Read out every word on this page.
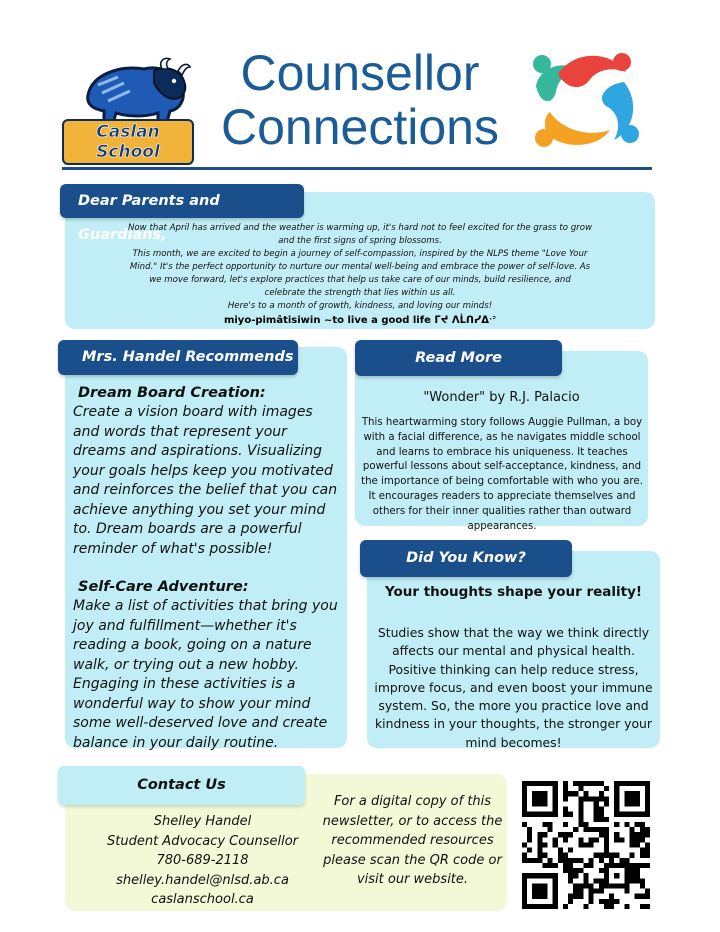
Caslan School
Counsellor
Connections
Dear Parents and Guardians,

Now that April has arrived and the weather is warming up, it's hard not to feel excited for the grass to grow and the first signs of spring blossoms.

This month, we are excited to begin a journey of self-compassion, inspired by the NLPS theme "Love Your Mind." It's the perfect opportunity to nurture our mental well-being and embrace the power of self-love. As we move forward, let's explore practices that help us take care of our minds, build resilience, and celebrate the strength that lies within us all.

Here's to a month of growth, kindness, and loving our minds!

miyo-pimâtisiwin ~to live a good life ᒥᔪ ᐱᒫᑎᓯᐃᐧᐣ
Mrs. Handel Recommends
Dream Board Creation:
Create a vision board with images and words that represent your dreams and aspirations. Visualizing your goals helps keep you motivated and reinforces the belief that you can achieve anything you set your mind to. Dream boards are a powerful reminder of what's possible!
Self-Care Adventure:
Make a list of activities that bring you joy and fulfillment—whether it's reading a book, going on a nature walk, or trying out a new hobby. Engaging in these activities is a wonderful way to show your mind some well-deserved love and create balance in your daily routine.
Read More
"Wonder" by R.J. Palacio
This heartwarming story follows Auggie Pullman, a boy with a facial difference, as he navigates middle school and learns to embrace his uniqueness. It teaches powerful lessons about self-acceptance, kindness, and the importance of being comfortable with who you are. It encourages readers to appreciate themselves and others for their inner qualities rather than outward appearances.
Did You Know?
Your thoughts shape your reality!
Studies show that the way we think directly affects our mental and physical health. Positive thinking can help reduce stress, improve focus, and even boost your immune system. So, the more you practice love and kindness in your thoughts, the stronger your mind becomes!
Contact Us
Shelley Handel
Student Advocacy Counsellor
780-689-2118
shelley.handel@nlsd.ab.ca
caslanschool.ca
For a digital copy of this newsletter, or to access the recommended resources please scan the QR code or visit our website.
